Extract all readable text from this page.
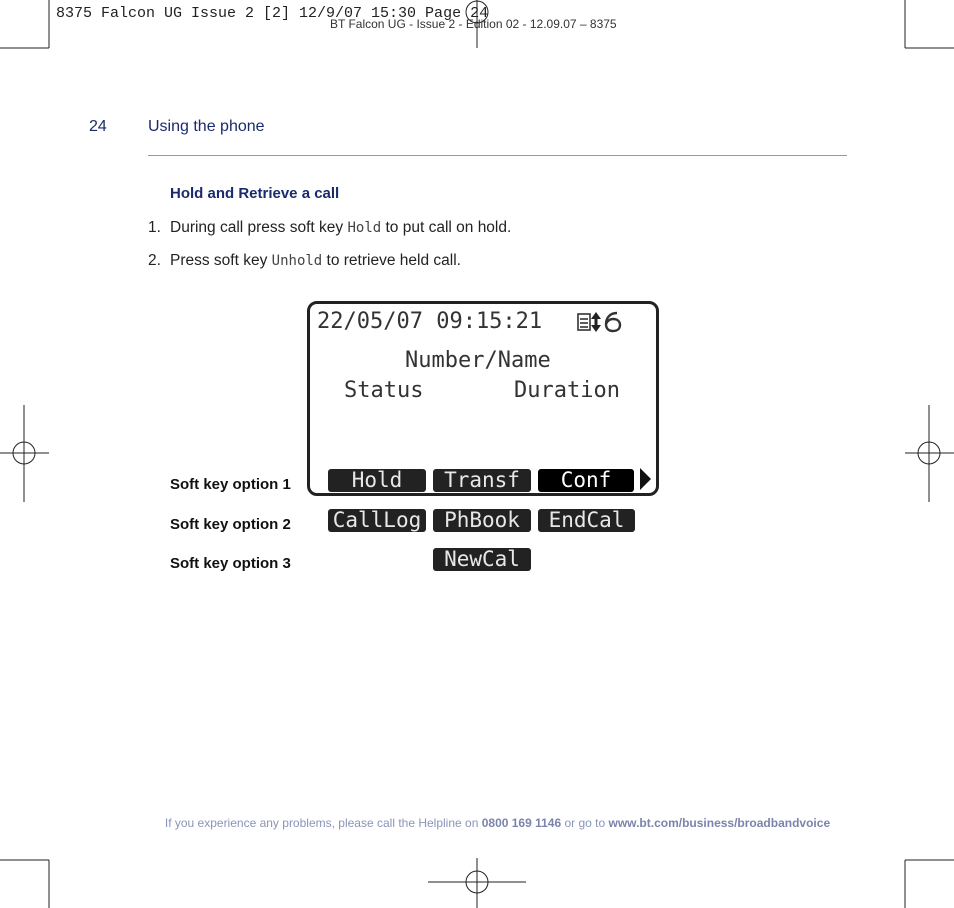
8375 Falcon UG Issue 2 [2] 12/9/07 15:30 Page 24
BT Falcon UG - Issue 2 - Edition 02 - 12.09.07 – 8375
24	Using the phone
Hold and Retrieve a call
1. During call press soft key Hold to put call on hold.
2. Press soft key Unhold to retrieve held call.
22/05/07 09:15:21
Number/Name
Status	Duration
Hold	Transf	Conf
Soft key option 1
Soft key option 2
Soft key option 3
CallLog	PhBook	EndCal
NewCal
If you experience any problems, please call the Helpline on 0800 169 1146 or go to www.bt.com/business/broadbandvoice
